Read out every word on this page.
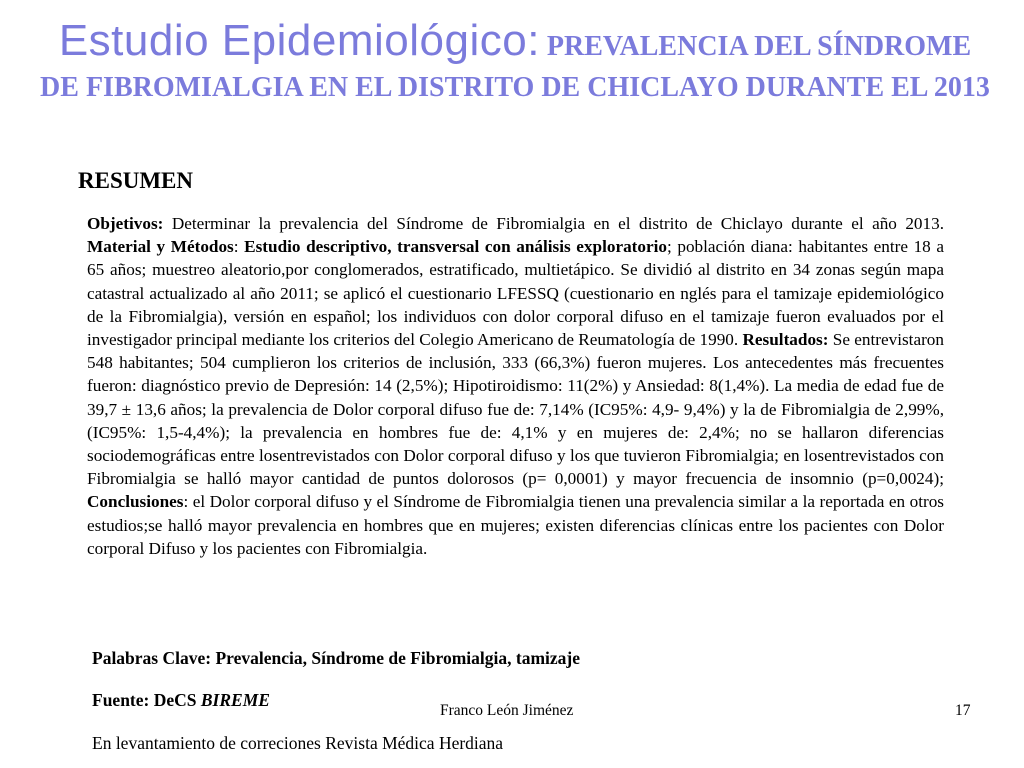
Estudio Epidemiológico: PREVALENCIA DEL SÍNDROME DE FIBROMIALGIA EN EL DISTRITO DE CHICLAYO DURANTE EL 2013
RESUMEN

Objetivos: Determinar la prevalencia del Síndrome de Fibromialgia en el distrito de Chiclayo durante el año 2013. Material y Métodos: Estudio descriptivo, transversal con análisis exploratorio; población diana: habitantes entre 18 a 65 años; muestreo aleatorio,por conglomerados, estratificado, multietápico. Se dividió al distrito en 34 zonas según mapa catastral actualizado al año 2011; se aplicó el cuestionario LFESSQ (cuestionario en nglés para el tamizaje epidemiológico de la Fibromialgia), versión en español; los individuos con dolor corporal difuso en el tamizaje fueron evaluados por el investigador principal mediante los criterios del Colegio Americano de Reumatología de 1990. Resultados: Se entrevistaron 548 habitantes; 504 cumplieron los criterios de inclusión, 333 (66,3%) fueron mujeres. Los antecedentes más frecuentes fueron: diagnóstico previo de Depresión: 14 (2,5%); Hipotiroidismo: 11(2%) y Ansiedad: 8(1,4%). La media de edad fue de 39,7 ± 13,6 años; la prevalencia de Dolor corporal difuso fue de: 7,14% (IC95%: 4,9- 9,4%) y la de Fibromialgia de 2,99%, (IC95%: 1,5-4,4%); la prevalencia en hombres fue de: 4,1% y en mujeres de: 2,4%; no se hallaron diferencias sociodemográficas entre losentrevistados con Dolor corporal difuso y los que tuvieron Fibromialgia; en losentrevistados con Fibromialgia se halló mayor cantidad de puntos dolorosos (p= 0,0001) y mayor frecuencia de insomnio (p=0,0024); Conclusiones: el Dolor corporal difuso y el Síndrome de Fibromialgia tienen una prevalencia similar a la reportada en otros estudios;se halló mayor prevalencia en hombres que en mujeres; existen diferencias clínicas entre los pacientes con Dolor corporal Difuso y los pacientes con Fibromialgia.

Palabras Clave: Prevalencia, Síndrome de Fibromialgia, tamizaje
Fuente: DeCS BIREME
Franco León Jiménez	17
En levantamiento de correciones Revista Médica Herdiana
